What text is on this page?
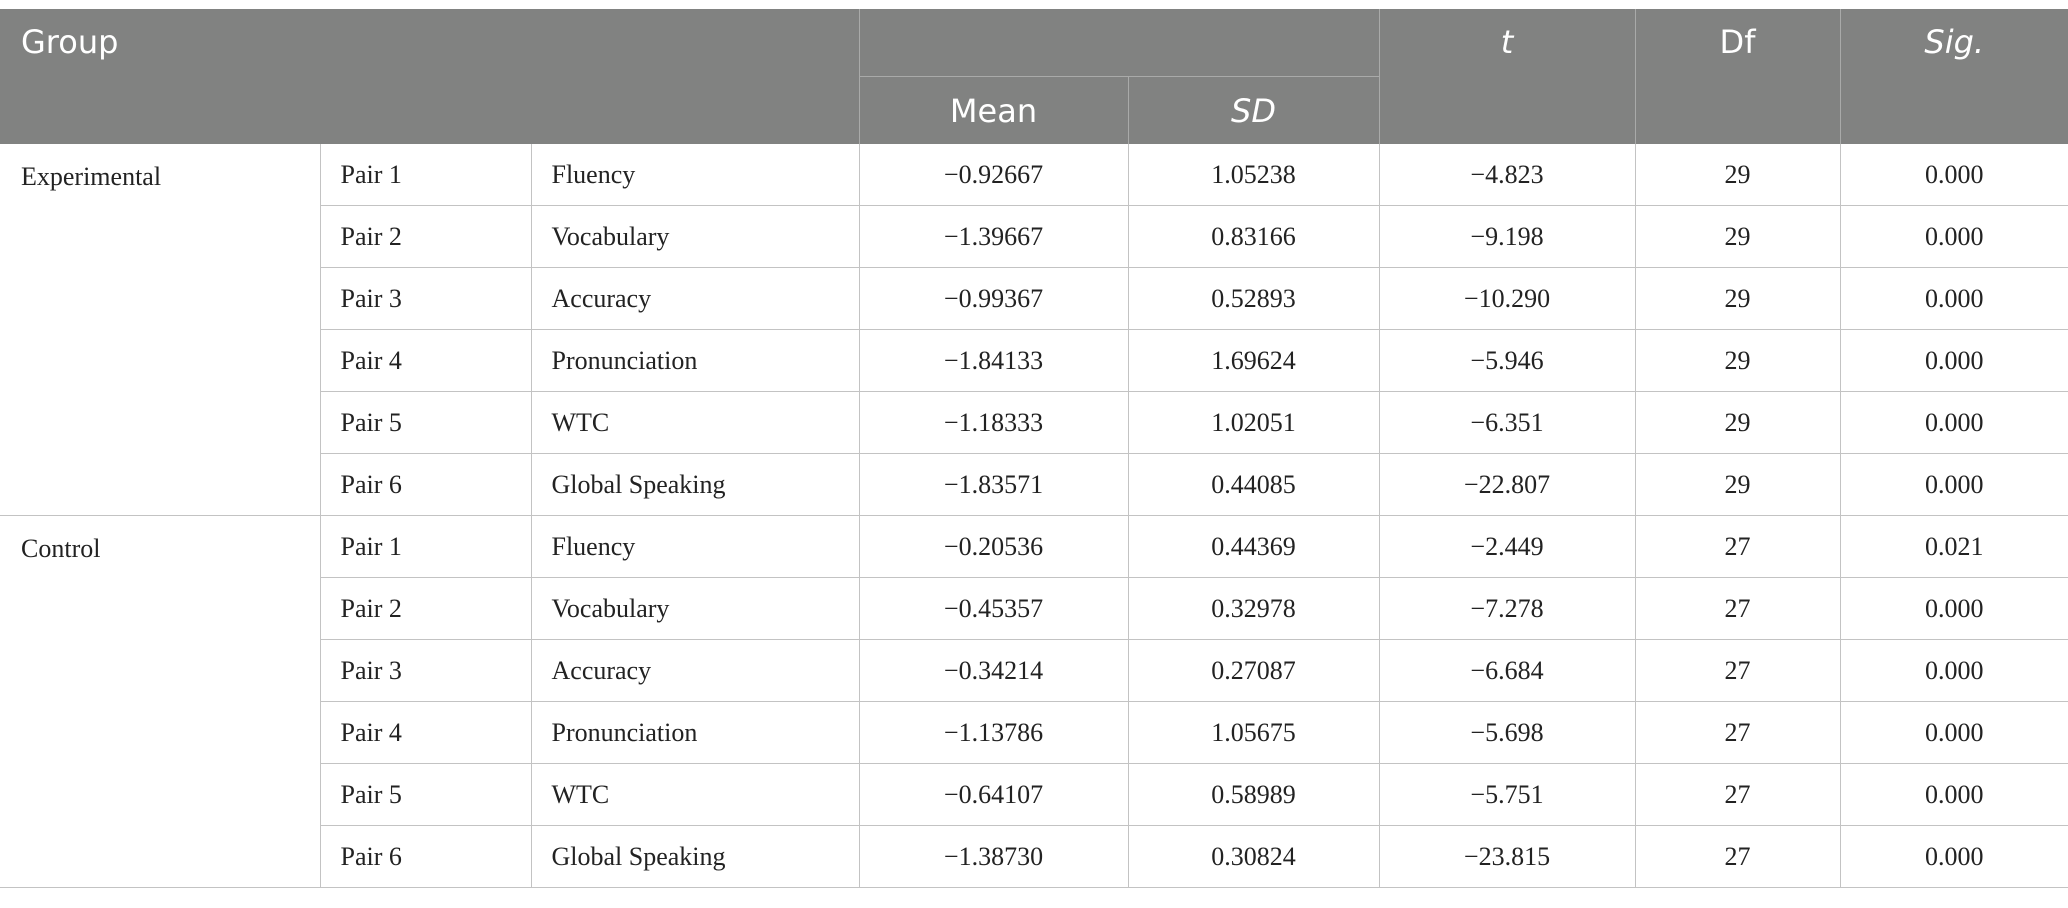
Group					t	Df	Sig.
			Mean	SD			
Experimental	Pair 1	Fluency	−0.92667	1.05238	−4.823	29	0.000
	Pair 2	Vocabulary	−1.39667	0.83166	−9.198	29	0.000
	Pair 3	Accuracy	−0.99367	0.52893	−10.290	29	0.000
	Pair 4	Pronunciation	−1.84133	1.69624	−5.946	29	0.000
	Pair 5	WTC	−1.18333	1.02051	−6.351	29	0.000
	Pair 6	Global Speaking	−1.83571	0.44085	−22.807	29	0.000
Control	Pair 1	Fluency	−0.20536	0.44369	−2.449	27	0.021
	Pair 2	Vocabulary	−0.45357	0.32978	−7.278	27	0.000
	Pair 3	Accuracy	−0.34214	0.27087	−6.684	27	0.000
	Pair 4	Pronunciation	−1.13786	1.05675	−5.698	27	0.000
	Pair 5	WTC	−0.64107	0.58989	−5.751	27	0.000
	Pair 6	Global Speaking	−1.38730	0.30824	−23.815	27	0.000
